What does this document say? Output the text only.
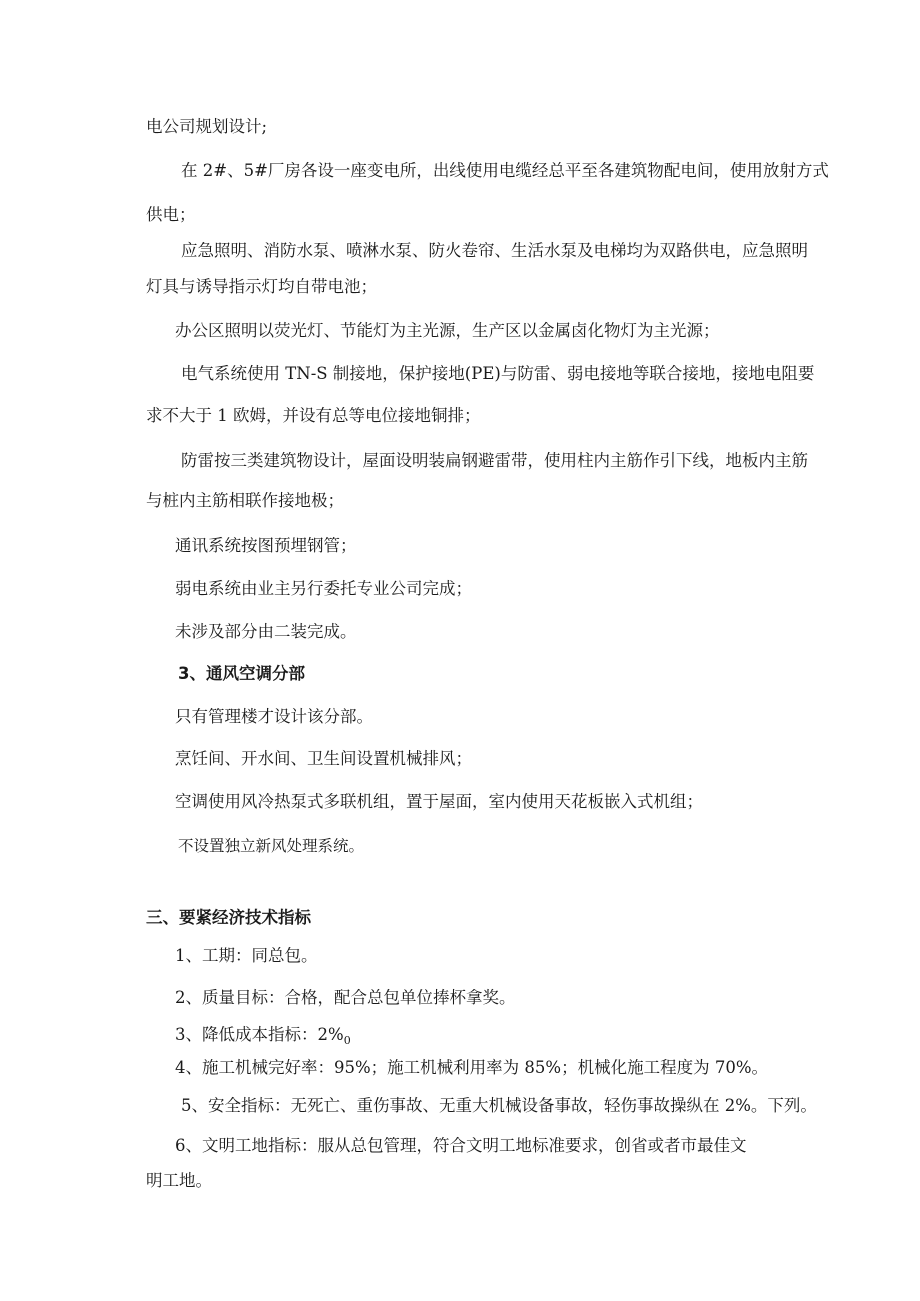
电公司规划设计;
在 2#、5#厂房各设一座变电所，出线使用电缆经总平至各建筑物配电间，使用放射方式
供电；
应急照明、消防水泵、喷淋水泵、防火卷帘、生活水泵及电梯均为双路供电，应急照明
灯具与诱导指示灯均自带电池；
办公区照明以荧光灯、节能灯为主光源，生产区以金属卤化物灯为主光源；
电气系统使用 TN-S 制接地，保护接地(PE)与防雷、弱电接地等联合接地，接地电阻要
求不大于 1 欧姆，并设有总等电位接地铜排；
防雷按三类建筑物设计，屋面设明装扁钢避雷带，使用柱内主筋作引下线，地板内主筋
与桩内主筋相联作接地极；
通讯系统按图预埋钢管；
弱电系统由业主另行委托专业公司完成；
未涉及部分由二装完成。
3、通风空调分部
只有管理楼才设计该分部。
烹饪间、开水间、卫生间设置机械排风；
空调使用风冷热泵式多联机组，置于屋面，室内使用天花板嵌入式机组；
不设置独立新风处理系统。
三、要紧经济技术指标
1、工期：同总包。
2、质量目标：合格，配合总包单位捧杯拿奖。
3、降低成本指标：$2\%_0$
4、施工机械完好率：95%；施工机械利用率为 85%；机械化施工程度为 70%。
5、安全指标：无死亡、重伤事故、无重大机械设备事故，轻伤事故操纵在 2%。下列。
6、文明工地指标：服从总包管理，符合文明工地标准要求，创省或者市最佳文
明工地。
